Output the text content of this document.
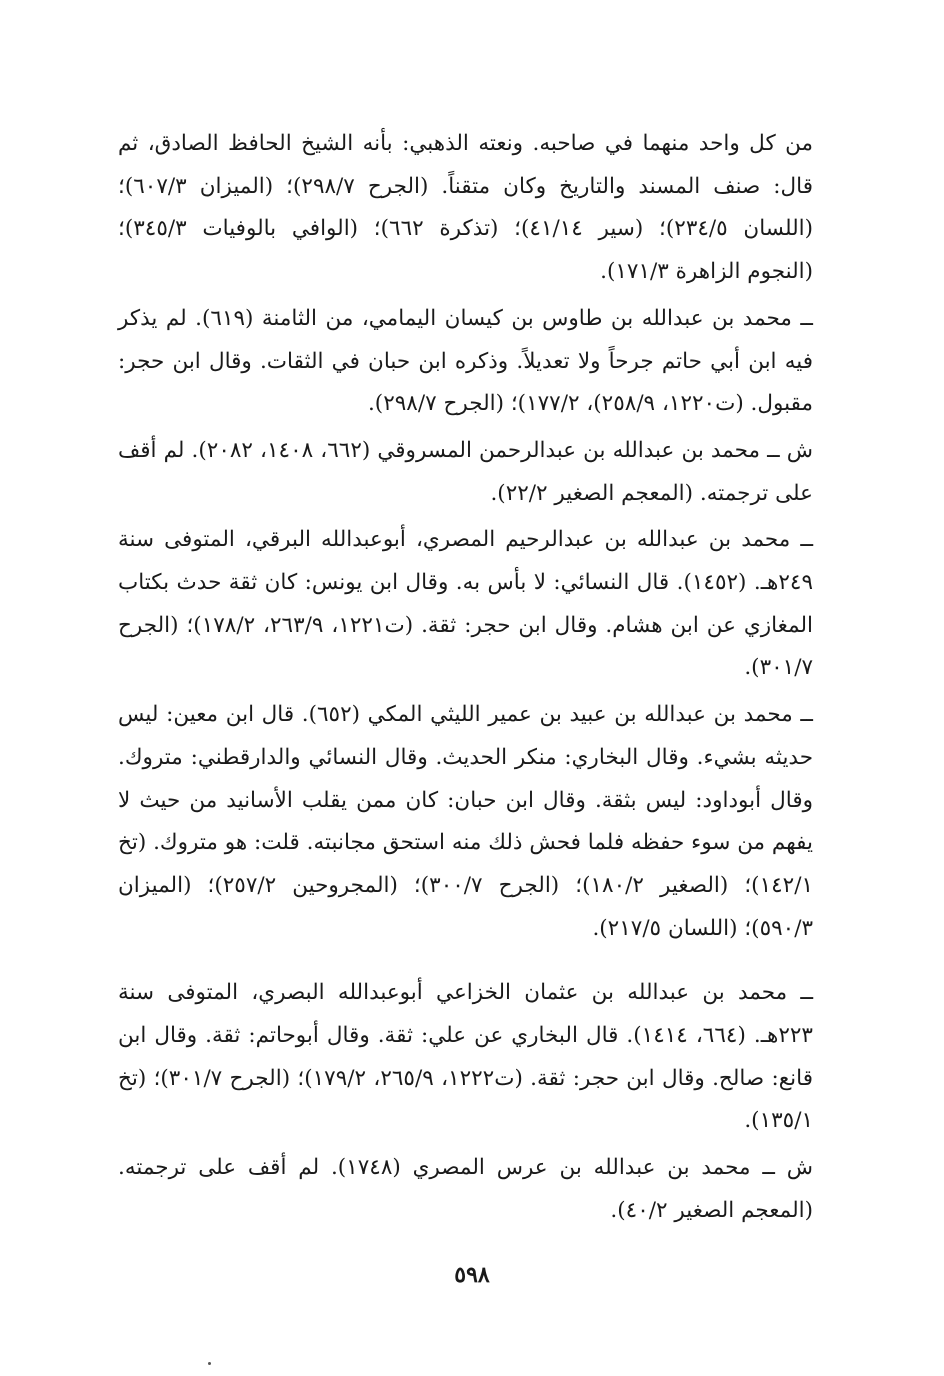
من كل واحد منهما في صاحبه. ونعته الذهبي: بأنه الشيخ الحافظ الصادق، ثم قال: صنف المسند والتاريخ وكان متقناً. (الجرح ٢٩٨/٧)؛ (الميزان ٦٠٧/٣)؛ (اللسان ٢٣٤/٥)؛ (سير ٤١/١٤)؛ (تذكرة ٦٦٢)؛ (الوافي بالوفيات ٣٤٥/٣)؛ (النجوم الزاهرة ١٧١/٣).

ــ محمد بن عبدالله بن طاوس بن كيسان اليمامي، من الثامنة (٦١٩). لم يذكر فيه ابن أبي حاتم جرحاً ولا تعديلاً. وذكره ابن حبان في الثقات. وقال ابن حجر: مقبول. (ت١٢٢٠، ٢٥٨/٩)، ١٧٧/٢)؛ (الجرح ٢٩٨/٧).

ش ــ محمد بن عبدالله بن عبدالرحمن المسروقي (٦٦٢، ١٤٠٨، ٢٠٨٢). لم أقف على ترجمته. (المعجم الصغير ٢٢/٢).

ــ محمد بن عبدالله بن عبدالرحيم المصري، أبوعبدالله البرقي، المتوفى سنة ٢٤٩هـ. (١٤٥٢). قال النسائي: لا بأس به. وقال ابن يونس: كان ثقة حدث بكتاب المغازي عن ابن هشام. وقال ابن حجر: ثقة. (ت١٢٢١، ٢٦٣/٩، ١٧٨/٢)؛ (الجرح ٣٠١/٧).

ــ محمد بن عبدالله بن عبيد بن عمير الليثي المكي (٦٥٢). قال ابن معين: ليس حديثه بشيء. وقال البخاري: منكر الحديث. وقال النسائي والدارقطني: متروك. وقال أبوداود: ليس بثقة. وقال ابن حبان: كان ممن يقلب الأسانيد من حيث لا يفهم من سوء حفظه فلما فحش ذلك منه استحق مجانبته. قلت: هو متروك. (تخ ١٤٢/١)؛ (الصغير ١٨٠/٢)؛ (الجرح ٣٠٠/٧)؛ (المجروحين ٢٥٧/٢)؛ (الميزان ٥٩٠/٣)؛ (اللسان ٢١٧/٥).

ــ محمد بن عبدالله بن عثمان الخزاعي أبوعبدالله البصري، المتوفى سنة ٢٢٣هـ. (٦٦٤، ١٤١٤). قال البخاري عن علي: ثقة. وقال أبوحاتم: ثقة. وقال ابن قانع: صالح. وقال ابن حجر: ثقة. (ت١٢٢٢، ٢٦٥/٩، ١٧٩/٢)؛ (الجرح ٣٠١/٧)؛ (تخ ١٣٥/١).

ش ــ محمد بن عبدالله بن عرس المصري (١٧٤٨). لم أقف على ترجمته. (المعجم الصغير ٤٠/٢).

٥٩٨
